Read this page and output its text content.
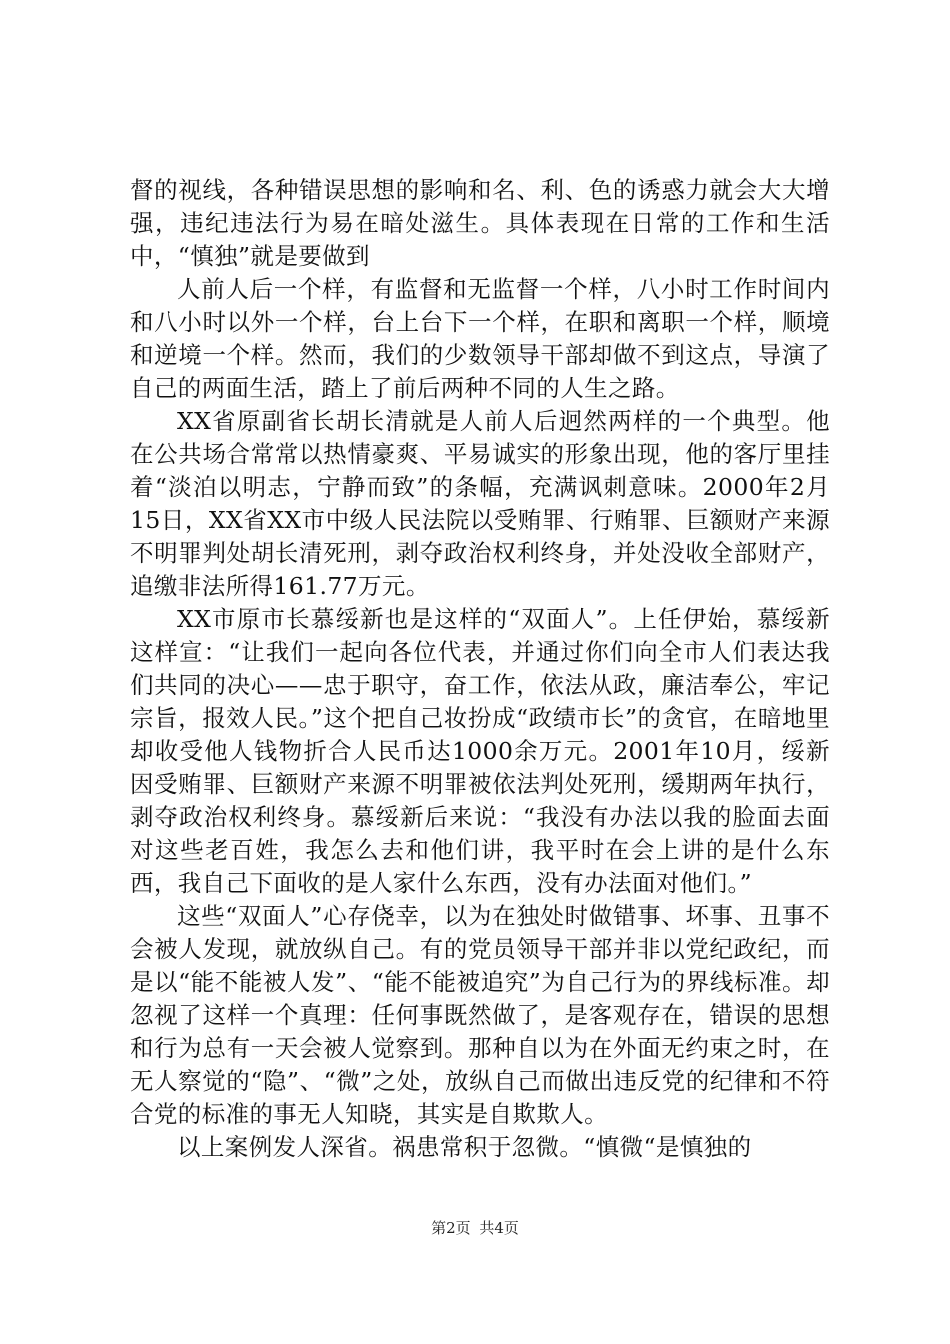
督的视线，各种错误思想的影响和名、利、色的诱惑力就会大大增强，违纪违法行为易在暗处滋生。具体表现在日常的工作和生活中，“慎独”就是要做到

人前人后一个样，有监督和无监督一个样，八小时工作时间内和八小时以外一个样，台上台下一个样，在职和离职一个样，顺境和逆境一个样。然而，我们的少数领导干部却做不到这点，导演了自己的两面生活，踏上了前后两种不同的人生之路。

XX省原副省长胡长清就是人前人后迥然两样的一个典型。他在公共场合常常以热情豪爽、平易诚实的形象出现，他的客厅里挂着“淡泊以明志，宁静而致”的条幅，充满讽刺意味。2000年2月15日，XX省XX市中级人民法院以受贿罪、行贿罪、巨额财产来源不明罪判处胡长清死刑，剥夺政治权利终身，并处没收全部财产，追缴非法所得161.77万元。

XX市原市长慕绥新也是这样的“双面人”。上任伊始，慕绥新这样宣：“让我们一起向各位代表，并通过你们向全市人们表达我们共同的决心——忠于职守，奋工作，依法从政，廉洁奉公，牢记宗旨，报效人民。”这个把自己妆扮成“政绩市长”的贪官，在暗地里却收受他人钱物折合人民币达1000余万元。2001年10月，绥新因受贿罪、巨额财产来源不明罪被依法判处死刑，缓期两年执行，剥夺政治权利终身。慕绥新后来说：“我没有办法以我的脸面去面对这些老百姓，我怎么去和他们讲，我平时在会上讲的是什么东西，我自己下面收的是人家什么东西，没有办法面对他们。”

这些“双面人”心存侥幸，以为在独处时做错事、坏事、丑事不会被人发现，就放纵自己。有的党员领导干部并非以党纪政纪，而是以“能不能被人发”、“能不能被追究”为自己行为的界线标准。却忽视了这样一个真理：任何事既然做了，是客观存在，错误的思想和行为总有一天会被人觉察到。那种自以为在外面无约束之时，在无人察觉的“隐”、“微”之处，放纵自己而做出违反党的纪律和不符合党的标准的事无人知晓，其实是自欺欺人。

以上案例发人深省。祸患常积于忽微。“慎微“是慎独的

第2页 共4页
